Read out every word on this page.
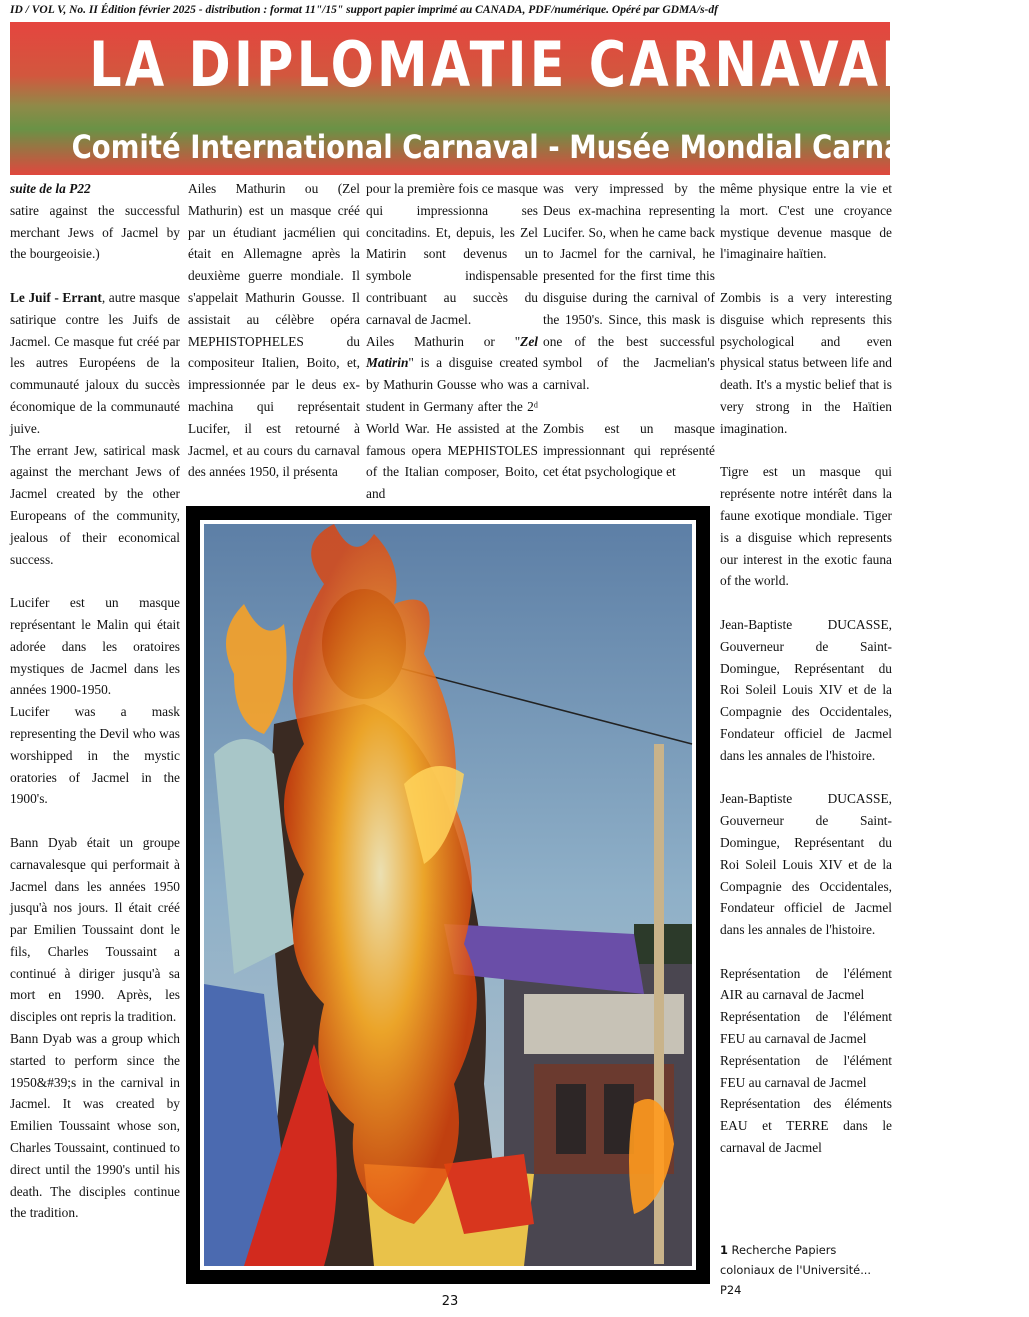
ID / VOL V, No. II Édition février 2025 - distribution : format 11"/15" support papier imprimé au CANADA, PDF/numérique. Opéré par GDMA/s-df
LA DIPLOMATIE CARNAVAL OU
Comité International Carnaval - Musée Mondial Carnaval

suite de la P22

satire against the successful merchant Jews of Jacmel by the bourgeoisie.)

Le Juif - Errant, autre masque satirique contre les Juifs de Jacmel. Ce masque fut créé par les autres Européens de la communauté jaloux du succès économique de la communauté juive.

The errant Jew, satirical mask against the merchant Jews of Jacmel created by the other Europeans of the community, jealous of their economical success.

Lucifer est un masque représentant le Malin qui était adorée dans les oratoires mystiques de Jacmel dans les années 1900-1950.

Lucifer was a mask representing the Devil who was worshipped in the mystic oratories of Jacmel in the 1900's.

Bann Dyab était un groupe carnavalesque qui performait à Jacmel dans les années 1950 jusqu'à nos jours. Il était créé par Emilien Toussaint dont le fils, Charles Toussaint a continué à diriger jusqu'à sa mort en 1990. Après, les disciples ont repris la tradition.

Bann Dyab was a group which started to perform since the 1950&#39;s in the carnival in Jacmel. It was created by Emilien Toussaint whose son, Charles Toussaint, continued to direct until the 1990's until his death. The disciples continue the tradition.

Ailes Mathurin ou (Zel Mathurin) est un masque créé par un étudiant jacmélien qui était en Allemagne après la deuxième guerre mondiale. Il s'appelait Mathurin Gousse. Il assistait au célèbre opéra MEPHISTOPHELES du compositeur Italien, Boito, et, impressionnée par le deus ex-machina qui représentait Lucifer, il est retourné à Jacmel, et au cours du carnaval des années 1950, il présenta

pour la première fois ce masque qui impressionna ses concitadins. Et, depuis, les Zel Matirin sont devenus un symbole indispensable contribuant au succès du carnaval de Jacmel.

Ailes Mathurin or "Zel Matirin" is a disguise created by Mathurin Gousse who was a student in Germany after the 2ᵈ World War. He assisted at the famous opera MEPHISTOLES of the Italian composer, Boito, and

was very impressed by the Deus ex-machina representing Lucifer. So, when he came back to Jacmel for the carnival, he presented for the first time this disguise during the carnival of the 1950's. Since, this mask is one of the best successful symbol of the Jacmelian's carnival.

Zombis est un masque impressionnant qui représenté cet état psychologique et

même physique entre la vie et la mort. C'est une croyance mystique devenue masque de l'imaginaire haïtien.

Zombis is a very interesting disguise which represents this psychological and even physical status between life and death. It's a mystic belief that is very strong in the Haïtien imagination.

Tigre est un masque qui représente notre intérêt dans la faune exotique mondiale. Tiger is a disguise which represents our interest in the exotic fauna of the world.

Jean-Baptiste DUCASSE, Gouverneur de Saint-Domingue, Représentant du Roi Soleil Louis XIV et de la Compagnie des Occidentales, Fondateur officiel de Jacmel dans les annales de l'histoire.

Jean-Baptiste DUCASSE, Gouverneur de Saint-Domingue, Représentant du Roi Soleil Louis XIV et de la Compagnie des Occidentales, Fondateur officiel de Jacmel dans les annales de l'histoire.

Représentation de l'élément AIR au carnaval de Jacmel

Représentation de l'élément FEU au carnaval de Jacmel

Représentation de l'élément FEU au carnaval de Jacmel

Représentation des éléments EAU et TERRE dans le carnaval de Jacmel

1 Recherche Papiers coloniaux de l'Université... P24
23
